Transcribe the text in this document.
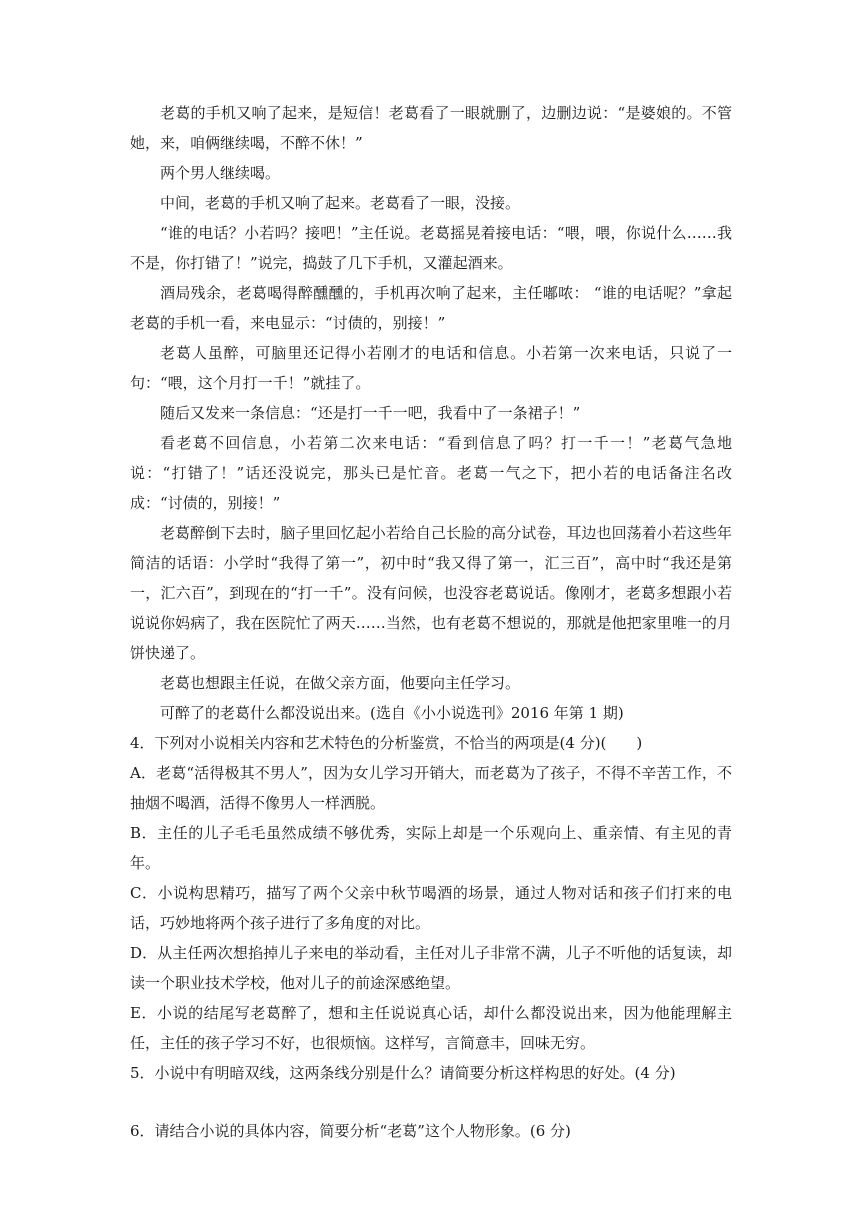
老葛的手机又响了起来，是短信！老葛看了一眼就删了，边删边说：“是婆娘的。不管她，来，咱俩继续喝，不醉不休！”

两个男人继续喝。

中间，老葛的手机又响了起来。老葛看了一眼，没接。

“谁的电话？小若吗？接吧！”主任说。老葛摇晃着接电话：“喂，喂，你说什么……我不是，你打错了！”说完，捣鼓了几下手机，又灌起酒来。

酒局残余，老葛喝得醉醺醺的，手机再次响了起来，主任嘟哝： “谁的电话呢？”拿起老葛的手机一看，来电显示：“讨债的，别接！”

老葛人虽醉，可脑里还记得小若刚才的电话和信息。小若第一次来电话，只说了一句：“喂，这个月打一千！”就挂了。

随后又发来一条信息：“还是打一千一吧，我看中了一条裙子！”

看老葛不回信息，小若第二次来电话：“看到信息了吗？打一千一！”老葛气急地说：“打错了！”话还没说完，那头已是忙音。老葛一气之下，把小若的电话备注名改成：“讨债的，别接！”

老葛醉倒下去时，脑子里回忆起小若给自己长脸的高分试卷，耳边也回荡着小若这些年简洁的话语：小学时“我得了第一”，初中时“我又得了第一，汇三百”，高中时“我还是第一，汇六百”，到现在的“打一千”。没有问候，也没容老葛说话。像刚才，老葛多想跟小若说说你妈病了，我在医院忙了两天……当然，也有老葛不想说的，那就是他把家里唯一的月饼快递了。

老葛也想跟主任说，在做父亲方面，他要向主任学习。

可醉了的老葛什么都没说出来。(选自《小小说选刊》2016 年第 1 期)

4．下列对小说相关内容和艺术特色的分析鉴赏，不恰当的两项是(4 分)(　　)

A．老葛“活得极其不男人”，因为女儿学习开销大，而老葛为了孩子，不得不辛苦工作，不抽烟不喝酒，活得不像男人一样洒脱。

B．主任的儿子毛毛虽然成绩不够优秀，实际上却是一个乐观向上、重亲情、有主见的青年。

C．小说构思精巧，描写了两个父亲中秋节喝酒的场景，通过人物对话和孩子们打来的电话，巧妙地将两个孩子进行了多角度的对比。

D．从主任两次想掐掉儿子来电的举动看，主任对儿子非常不满，儿子不听他的话复读，却读一个职业技术学校，他对儿子的前途深感绝望。

E．小说的结尾写老葛醉了，想和主任说说真心话，却什么都没说出来，因为他能理解主任，主任的孩子学习不好，也很烦恼。这样写，言简意丰，回味无穷。

5．小说中有明暗双线，这两条线分别是什么？请简要分析这样构思的好处。(4 分)

6．请结合小说的具体内容，简要分析“老葛”这个人物形象。(6 分)
